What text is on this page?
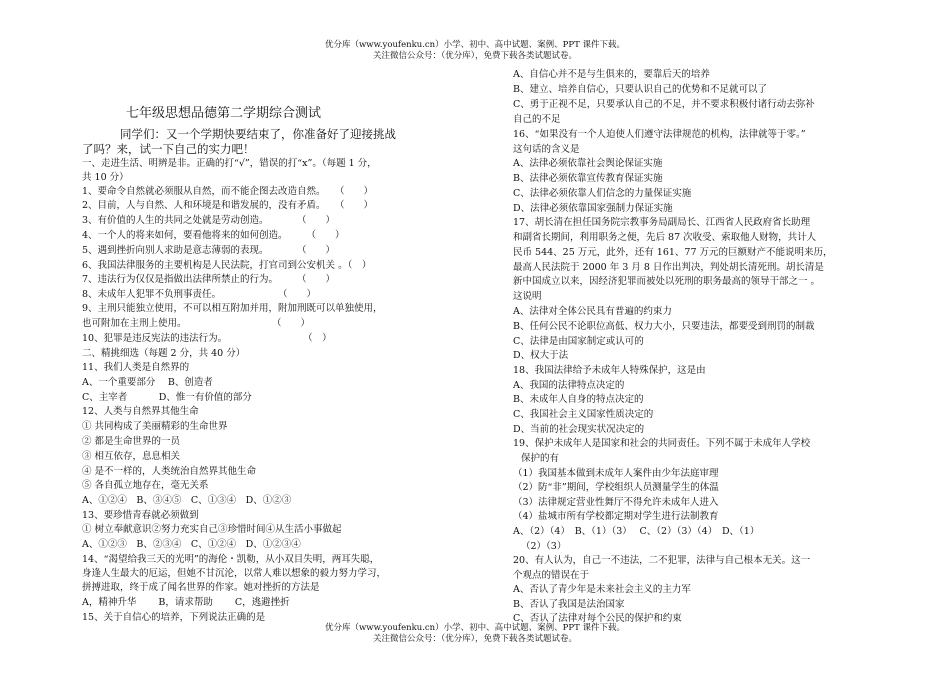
优分库（www.youfenku.cn）小学、初中、高中试题、案例、PPT 课件下载。
关注微信公众号：（优分库），免费下载各类试题试卷。
七年级思想品德第二学期综合测试
同学们：又一个学期快要结束了，你准备好了迎接挑战
了吗？来，试一下自己的实力吧！
一、走进生活、明辨是非。正确的打“√”，错误的打“ⅹ”。（每题 1 分，
共 10 分）
1、要命令自然就必须服从自然，而不能企图去改造自然。　　（　　）
2、目前，人与自然、人和环境是和谐发展的，没有矛盾。　　（　　）
3、有价值的人生的共同之处就是劳动创造。　　　　（　　）
4、一个人的将来如何，要看他将来的如何创造。　　　（　　）
5、遇到挫折向别人求助是意志薄弱的表现。　　　　（　　）
6、我国法律服务的主要机构是人民法院，打官司到公安机关 。（　）
7、违法行为仅仅是指做出法律所禁止的行为。　　　（　　）
8、未成年人犯罪不负刑事责任。　　　　　　　（　　）
9、主刑只能独立使用，不可以相互附加并用，附加刑既可以单独使用，
也可附加在主刑上使用。　　　　　　　　　　（　　）
10、犯罪是违反宪法的违法行为。　　　　　　　　　（　）
二、精挑细选（每题 2 分，共 40 分）
11、我们人类是自然界的
A、一个重要部分　 B、创造者
C、主宰者　　　 D、惟一有价值的部分
12、人类与自然界其他生命
① 共同构成了美丽精彩的生命世界
② 都是生命世界的一员
③ 相互依存，息息相关
④ 是不一样的，人类统治自然界其他生命
⑤ 各自孤立地存在，毫无关系
A、①②④　B、③④⑤　C、①③④　D、①②③
13、要珍惜青春就必须做到
① 树立奉献意识②努力充实自己③珍惜时间④从生活小事做起
A、①②③　B、②③④　C、①②④　D、①②③④
14、“渴望给我三天的光明”的海伦・凯勒，从小双目失明，两耳失聪，
身逢人生最大的厄运，但她不甘沉沦，以常人难以想象的毅力努力学习，
拼搏进取，终于成了闻名世界的作家。她对挫折的方法是
A，精神升华　　 B，请求帮助　　 C，逃避挫折
15、关于自信心的培养，下列说法正确的是
A、自信心并不是与生俱来的，要靠后天的培养
B、建立、培养自信心，只要认识自己的优势和不足就可以了
C、勇于正视不足，只要承认自己的不足，并不要求积极付诸行动去弥补
自己的不足
16、“如果没有一个人迫使人们遵守法律规范的机构，法律就等于零。”
这句话的含义是
A、法律必须依靠社会舆论保证实施
B、法律必须依靠宣传教育保证实施
C、法律必须依靠人们信念的力量保证实施
D、法律必须依靠国家强制力保证实施
17、胡长清在担任国务院宗教事务局副局长、江西省人民政府省长助理
和副省长期间，利用职务之便，先后 87 次收受、索取他人财物，共计人
民币 544、25 万元，此外，还有 161、77 万元的巨额财产不能说明来历，
最高人民法院于 2000 年 3 月 8 日作出判决，判处胡长清死刑。胡长清是
新中国成立以来，因经济犯罪而被处以死刑的职务最高的领导干部之一 。
这说明
A、法律对全体公民具有普遍的约束力
B、任何公民不论职位高低、权力大小，只要违法，都要受到刑罚的制裁
C、法律是由国家制定或认可的
D、权大于法
18、我国法律给予未成年人特殊保护，这是由
A、我国的法律特点决定的
B、未成年人自身的特点决定的
C、我国社会主义国家性质决定的
D、当前的社会现实状况决定的
19、保护未成年人是国家和社会的共同责任。下列不属于未成年人学校
保护的有
（1）我国基本做到未成年人案件由少年法庭审理
（2）防“非”期间，学校组织人员测量学生的体温
（3）法律规定营业性舞厅不得允许未成年人进入
（4）盐城市所有学校都定期对学生进行法制教育
A、（2）（4）　B、（1）（3）　 C、（2）（3）（4）　D、（1）
（2）（3）
20、有人认为，自己一不违法，二不犯罪，法律与自己根本无关。这一
个观点的错误在于
A、否认了青少年是未来社会主义的主力军
B、否认了我国是法治国家
C、否认了法律对每个公民的保护和约束
优分库（www.youfenku.cn）小学、初中、高中试题、案例、PPT 课件下载。
关注微信公众号：（优分库），免费下载各类试题试卷。
